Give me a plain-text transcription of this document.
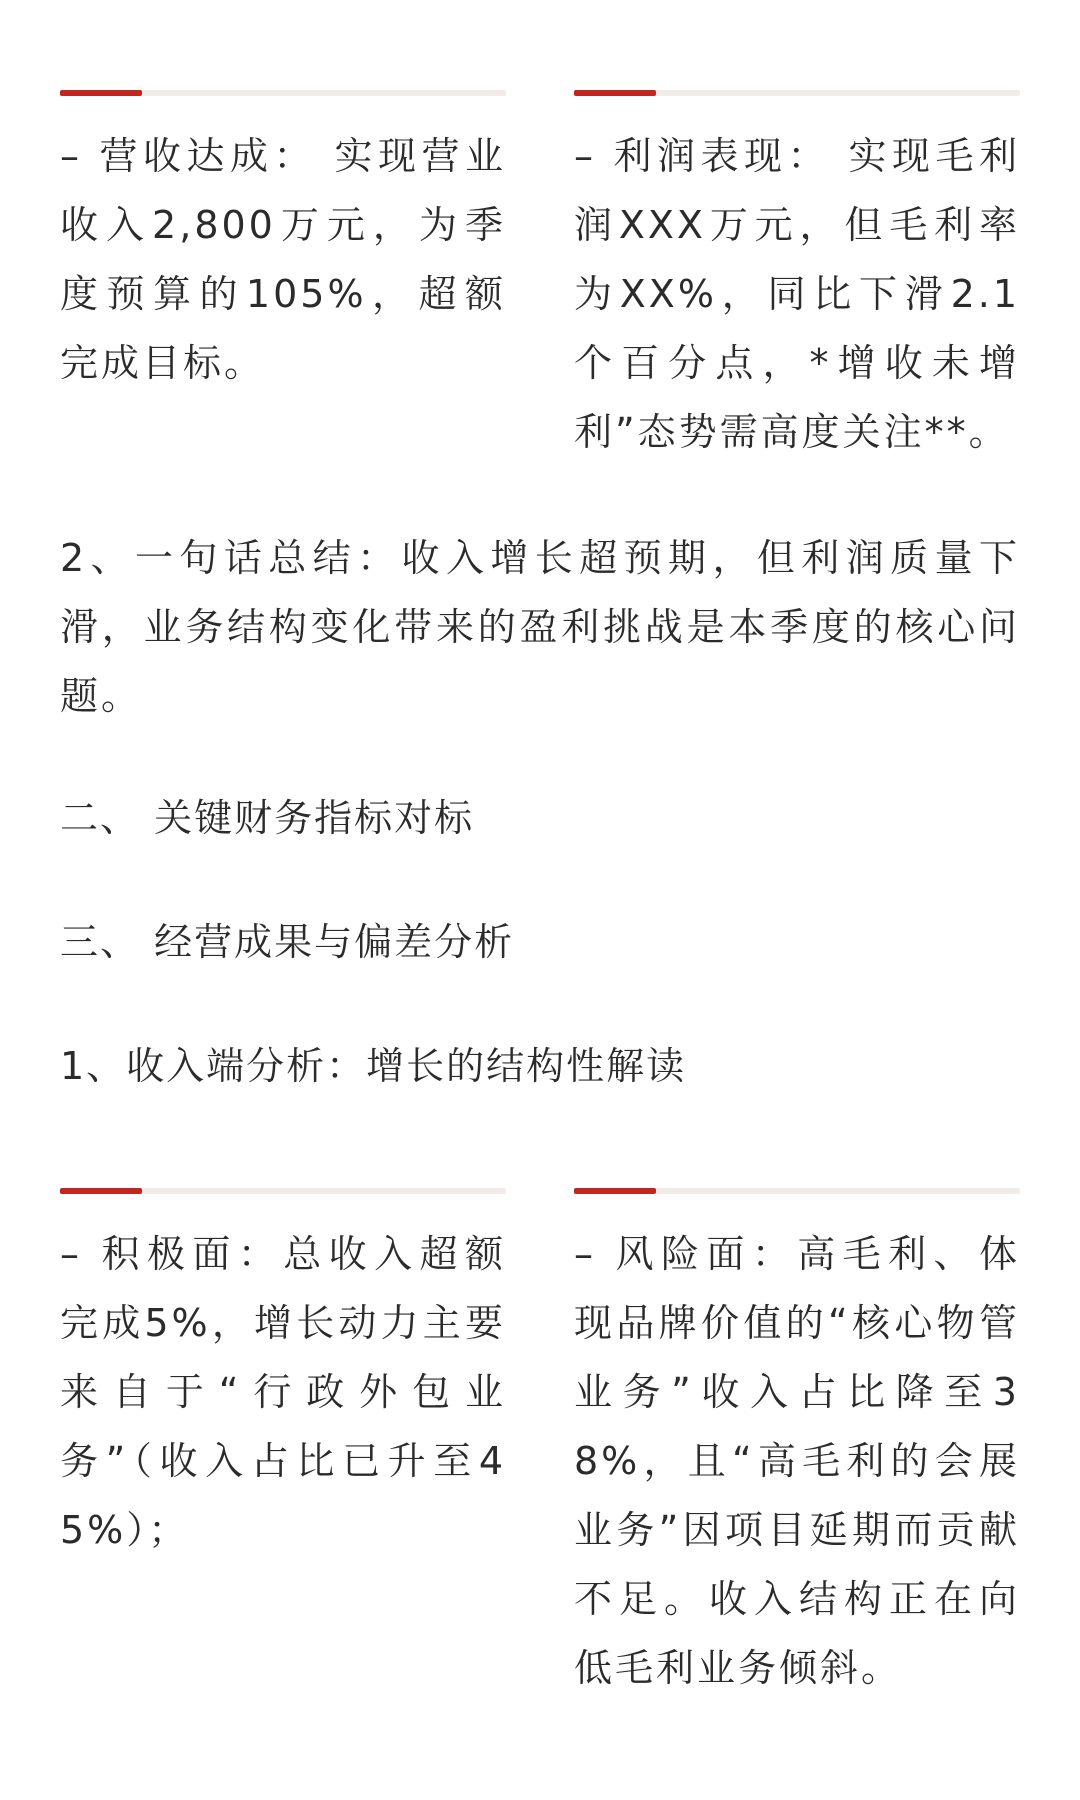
– 营收达成： 实现营业收入2,800万元，为季度预算的105%，超额完成目标。

– 利润表现： 实现毛利润XXX万元，但毛利率为XX%，同比下滑2.1个百分点，*增收未增利”态势需高度关注**。

2、一句话总结：收入增长超预期，但利润质量下滑，业务结构变化带来的盈利挑战是本季度的核心问题。

二、 关键财务指标对标

三、 经营成果与偏差分析

1、收入端分析：增长的结构性解读

– 积极面：总收入超额完成5%，增长动力主要来自于“行政外包业务”（收入占比已升至45%）；

– 风险面：高毛利、体现品牌价值的“核心物管业务”收入占比降至38%，且“高毛利的会展业务”因项目延期而贡献不足。收入结构正在向低毛利业务倾斜。
